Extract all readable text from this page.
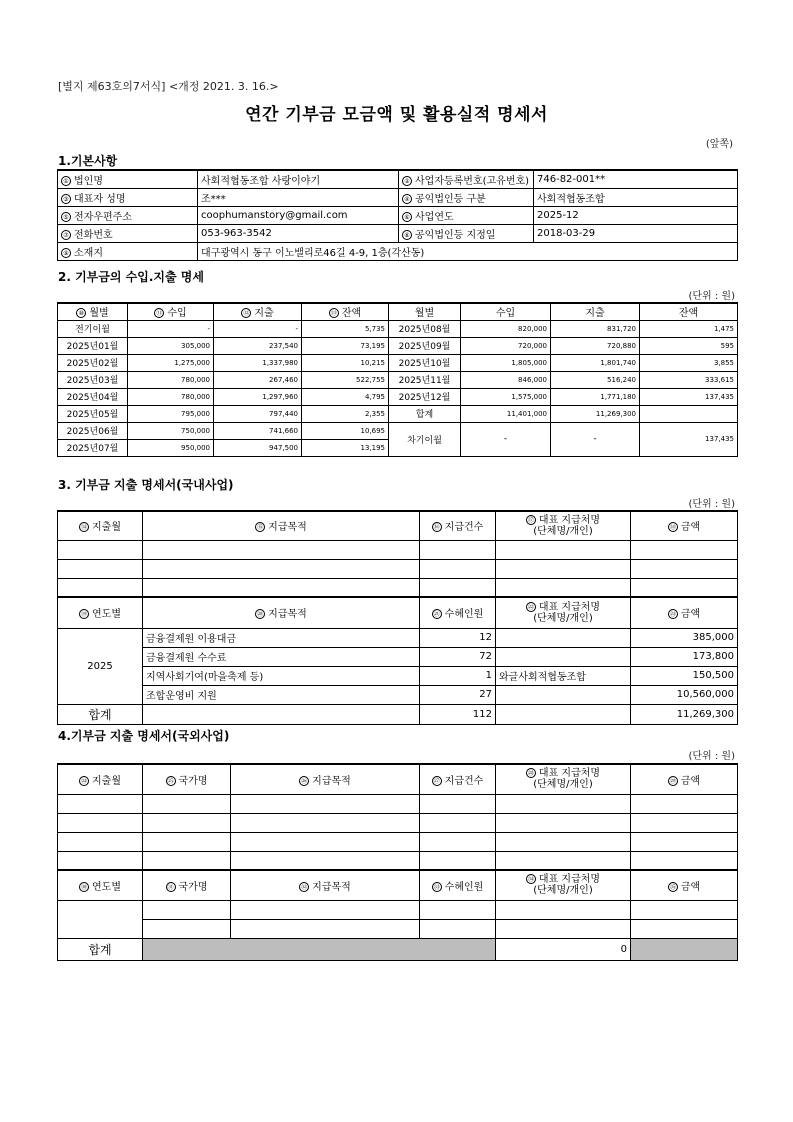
[별지 제63호의7서식] <개정 2021. 3. 16.>
연간 기부금 모금액 및 활용실적 명세서
(앞쪽)
1.기본사항
① 법인명	사회적협동조합 사랑이야기	② 사업자등록번호(고유번호)	746-82-001**
③ 대표자 성명	조***	④ 공익법인등 구분	사회적협동조합
⑤ 전자우편주소	coophumanstory@gmail.com	⑥ 사업연도	2025-12
⑦ 전화번호	053-963-3542	⑧ 공익법인등 지정일	2018-03-29
⑨ 소재지	대구광역시 동구 이노밸리로46길 4-9, 1층(각산동)		
2. 기부금의 수입.지출 명세
(단위 : 원)
⑩ 월별	⑪ 수입	⑫ 지출	⑬ 잔액	월별	수입	지출	잔액
전기이월	-	-	5,735	2025년08월	820,000	831,720	1,475
2025년01월	305,000	237,540	73,195	2025년09월	720,000	720,880	595
2025년02월	1,275,000	1,337,980	10,215	2025년10월	1,805,000	1,801,740	3,855
2025년03월	780,000	267,460	522,755	2025년11월	846,000	516,240	333,615
2025년04월	780,000	1,297,960	4,795	2025년12월	1,575,000	1,771,180	137,435
2025년05월	795,000	797,440	2,355	합계	11,401,000	11,269,300	
2025년06월	750,000	741,660	10,695	차기이월	-	-	137,435
2025년07월	950,000	947,500	13,195				
3. 기부금 지출 명세서(국내사업)
(단위 : 원)
⑭ 지출월	⑮ 지급목적	⑯ 지급건수	⑰ 대표 지급처명
(단체명/개인)	⑱ 금액

⑲ 연도별	⑳ 지급목적	㉑ 수혜인원	㉒ 대표 지급처명
(단체명/개인)	㉓ 금액
2025	금융결제원 이용대금	12		385,000
	금융결제원 수수료	72		173,800
	지역사회기여(마을축제 등)	1	와글사회적협동조합	150,500
	조합운영비 지원	27		10,560,000
합계		112		11,269,300
4.기부금 지출 명세서(국외사업)
(단위 : 원)
㉔ 지출월	㉕ 국가명	㉖ 지급목적	㉗ 지급건수	㉘ 대표 지급처명
(단체명/개인)	㉙ 금액	

㉚ 연도별	㉛ 국가명	㉜ 지급목적	㉝ 수혜인원	㉞ 대표 지급처명
(단체명/개인)	㉟ 금액	

합계				0		
